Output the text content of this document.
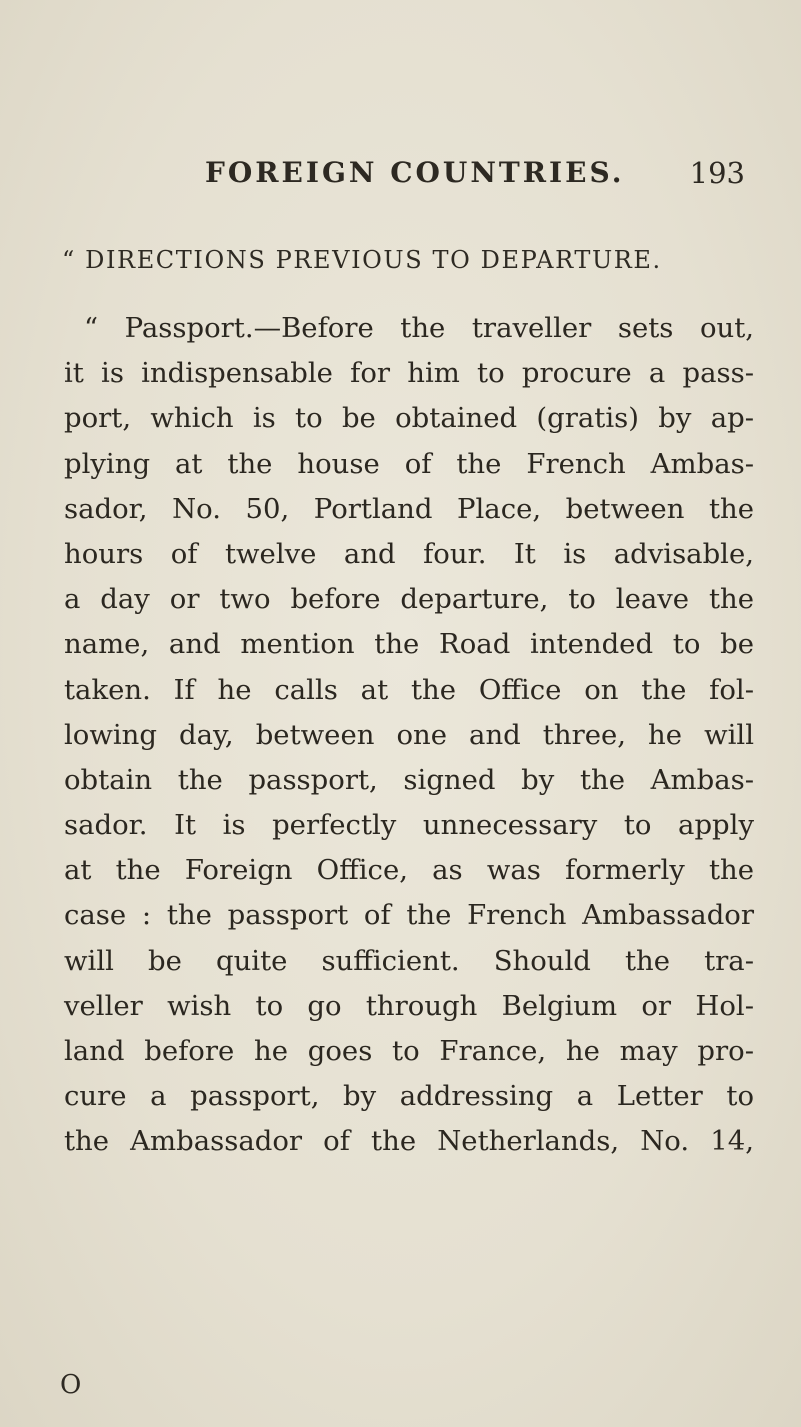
FOREIGN COUNTRIES. 193
“ DIRECTIONS PREVIOUS TO DEPARTURE.
“ Passport.—Before the traveller sets out,
it is indispensable for him to procure a pass-
port, which is to be obtained (gratis) by ap-
plying at the house of the French Ambas-
sador, No. 50, Portland Place, between the
hours of twelve and four. It is advisable,
a day or two before departure, to leave the
name, and mention the Road intended to be
taken. If he calls at the Office on the fol-
lowing day, between one and three, he will
obtain the passport, signed by the Ambas-
sador. It is perfectly unnecessary to apply
at the Foreign Office, as was formerly the
case : the passport of the French Ambassador
will be quite sufficient. Should the tra-
veller wish to go through Belgium or Hol-
land before he goes to France, he may pro-
cure a passport, by addressing a Letter to
the Ambassador of the Netherlands, No. 14,
O
